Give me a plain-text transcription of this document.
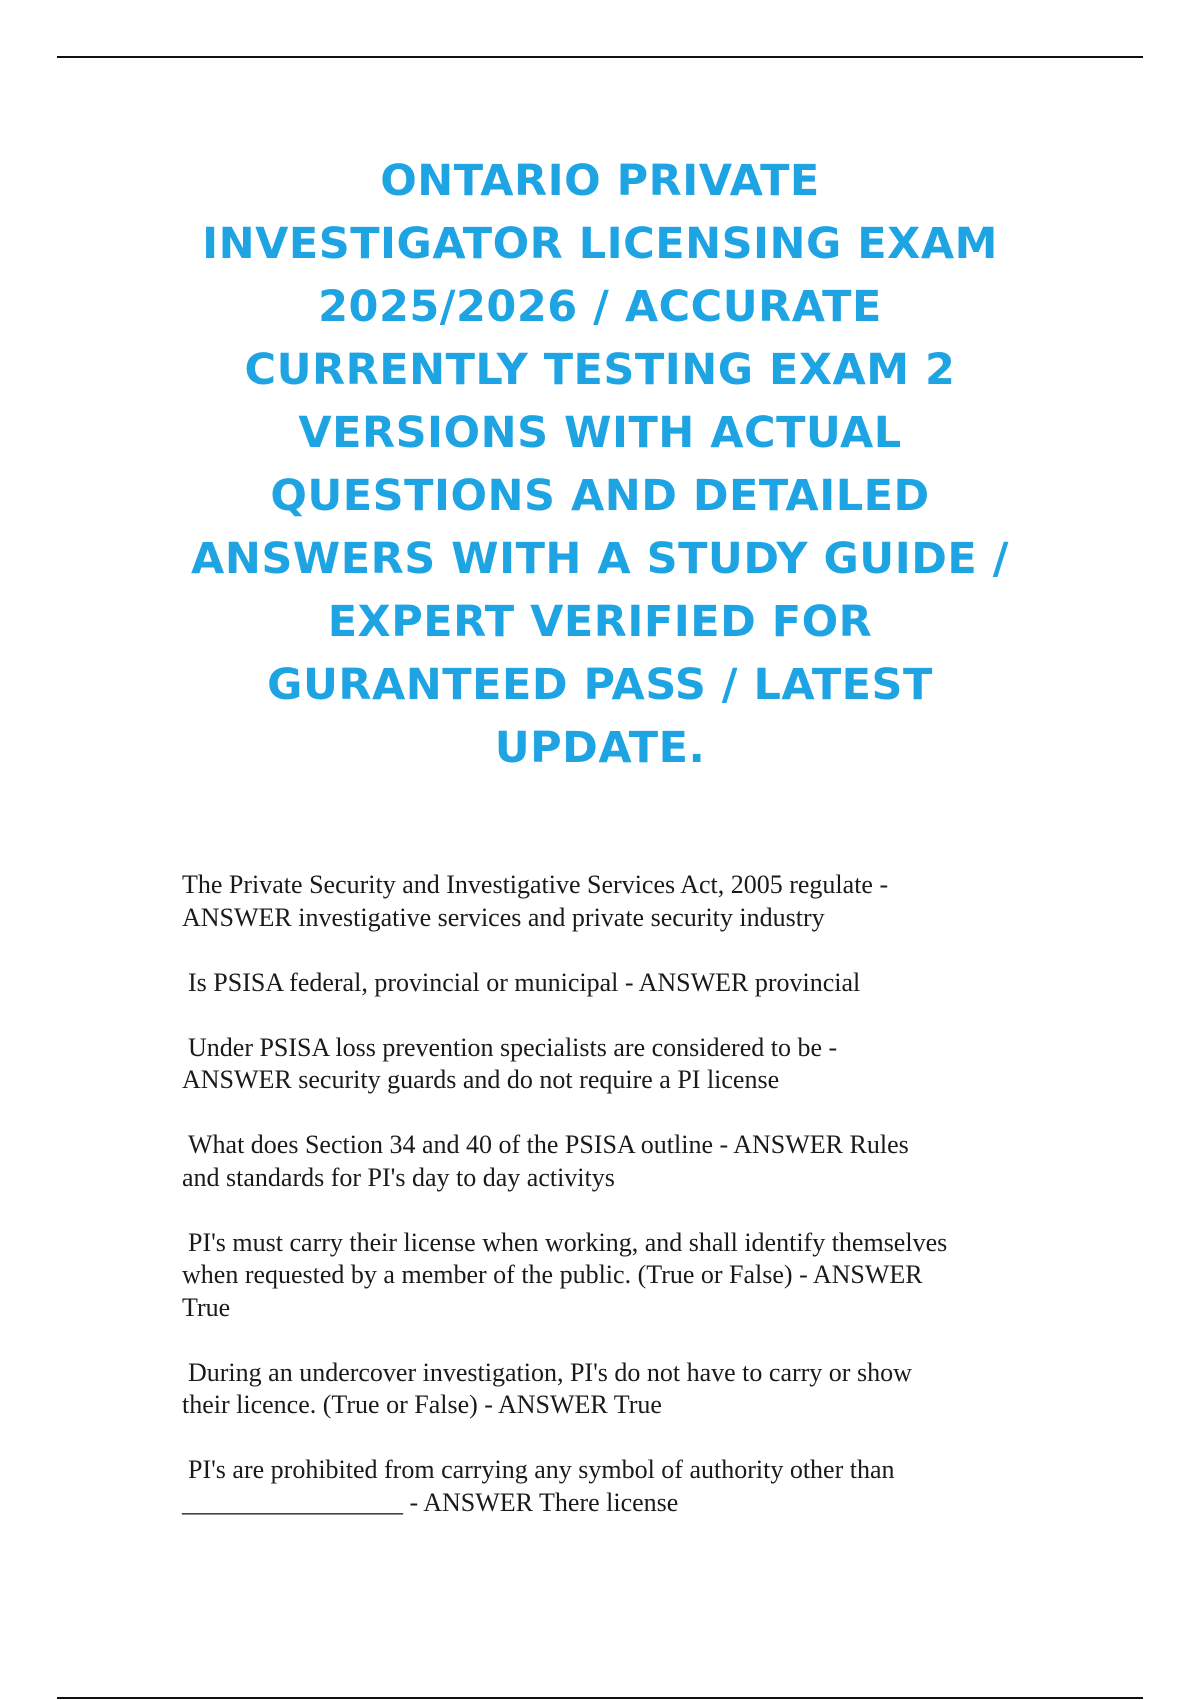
ONTARIO PRIVATE
INVESTIGATOR LICENSING EXAM
2025/2026 / ACCURATE
CURRENTLY TESTING EXAM 2
VERSIONS WITH ACTUAL
QUESTIONS AND DETAILED
ANSWERS WITH A STUDY GUIDE /
EXPERT VERIFIED FOR
GURANTEED PASS / LATEST
UPDATE.
The Private Security and Investigative Services Act, 2005 regulate -
ANSWER investigative services and private security industry
Is PSISA federal, provincial or municipal - ANSWER provincial
Under PSISA loss prevention specialists are considered to be -
ANSWER security guards and do not require a PI license
What does Section 34 and 40 of the PSISA outline - ANSWER Rules
and standards for PI's day to day activitys
PI's must carry their license when working, and shall identify themselves
when requested by a member of the public. (True or False) - ANSWER
True
During an undercover investigation, PI's do not have to carry or show
their licence. (True or False) - ANSWER True
PI's are prohibited from carrying any symbol of authority other than
_________________ - ANSWER There license
